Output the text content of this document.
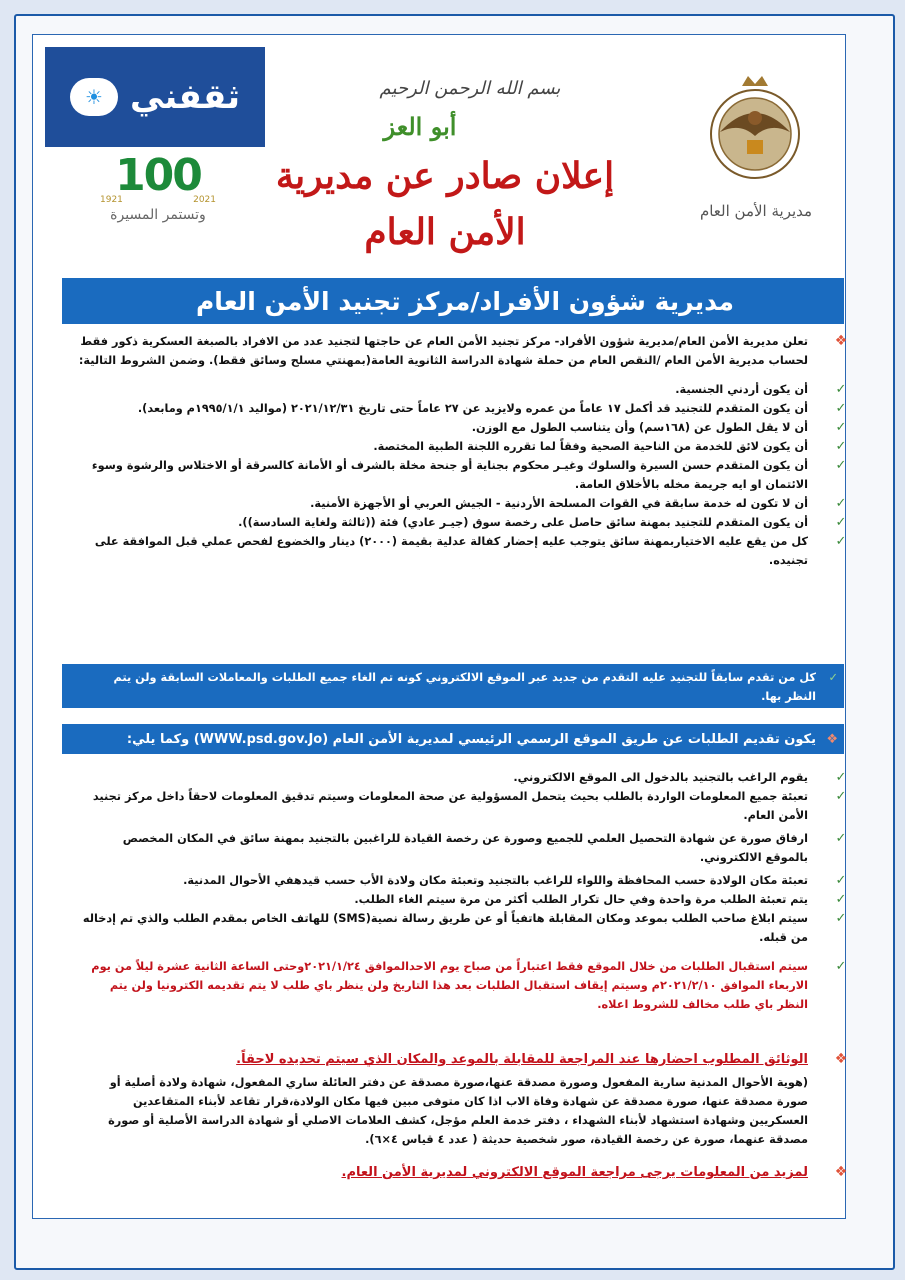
☀ ثقفني
100
1921	2021
وتستمر المسيرة	مديرية الأمن العام
بسم الله الرحمن الرحيم
أبو العز
إعلان صادر عن مديرية
الأمن العام
مديرية شؤون الأفراد/مركز تجنيد الأمن العام
❖
تعلن مديرية الأمن العام/مديرية شؤون الأفراد- مركز تجنيد الأمن العام عن حاجتها لتجنيد عدد من الافراد بالصبغة العسكرية ذكور فقط لحساب مديرية الأمن العام /النقص العام من حملة شهادة الدراسة الثانوية العامة(بمهنتي مسلح وسائق فقط). وضمن الشروط التالية:
✓
أن يكون أردني الجنسية.
✓
أن يكون المتقدم للتجنيد قد أكمل ١٧ عاماً من عمره ولايزيد عن ٢٧ عاماً حتى تاريخ ٢٠٢١/١٢/٣١ (مواليد ١٩٩٥/١/١م ومابعد).
✓
أن لا يقل الطول عن (١٦٨سم) وأن يتناسب الطول مع الوزن.
✓
أن يكون لائق للخدمة من الناحية الصحية وفقاً لما تقرره اللجنة الطبية المختصة.
✓
أن يكون المتقدم حسن السيرة والسلوك وغيـر محكوم بجناية أو جنحة مخلة بالشرف أو الأمانة كالسرقة أو الاختلاس والرشوة وسوء الائتمان او ايه جريمة مخله بالأخلاق العامة.
✓
أن لا تكون له خدمة سابقة في القوات المسلحة الأردنية - الجيش العربي أو الأجهزة الأمنية.
✓
أن يكون المتقدم للتجنيد بمهنة سائق حاصل على رخصة سوق (جيـر عادي) فئة ((ثالثة ولغاية السادسة)).
✓
كل من يقع عليه الاختياربمهنة سائق يتوجب عليه إحضار كفالة عدلية بقيمة (٢٠٠٠) دينار والخضوع لفحص عملي قبل الموافقة على تجنيده.
✓
كل من تقدم سابقاً للتجنيد عليه التقدم من جديد عبر الموقع الالكتروني كونه تم الغاء جميع الطلبات والمعاملات السابقة ولن يتم النظر بها.
❖
يكون تقديم الطلبات عن طريق الموقع الرسمي الرئيسي لمديرية الأمن العام (WWW.psd.gov.Jo) وكما يلي:
✓
يقوم الراغب بالتجنيد بالدخول الى الموقع الالكتروني.
✓
تعبئة جميع المعلومات الواردة بالطلب بحيث يتحمل المسؤولية عن صحة المعلومات وسيتم تدقيق المعلومات لاحقاً داخل مركز تجنيد الأمن العام.
✓
ارفاق صورة عن شهادة التحصيل العلمي للجميع وصورة عن رخصة القيادة للراغبين بالتجنيد بمهنة سائق في المكان المخصص بالموقع الالكتروني.
✓
تعبئة مكان الولادة حسب المحافظة واللواء للراغب بالتجنيد وتعبئة مكان ولادة الأب حسب قيدهفي الأحوال المدنية.
✓
يتم تعبئة الطلب مرة واحدة وفي حال تكرار الطلب أكثر من مرة سيتم الغاء الطلب.
✓
سيتم ابلاغ صاحب الطلب بموعد ومكان المقابلة هاتفياً أو عن طريق رسالة نصية(SMS) للهاتف الخاص بمقدم الطلب والذي تم إدخاله من قبله.
✓
سيتم استقبال الطلبات من خلال الموقع فقط اعتباراً من صباح يوم الاحدالموافق ٢٠٢١/١/٢٤وحتى الساعة الثانية عشرة ليلاً من يوم الاربعاء الموافق ٢٠٢١/٢/١٠م وسيتم إيقاف استقبال الطلبات بعد هذا التاريخ ولن ينظر باي طلب لا يتم تقديمه الكترونيا ولن يتم النظر باي طلب مخالف للشروط اعلاه.
❖
الوثائق المطلوب احضارها عند المراجعة للمقابلة بالموعد والمكان الذي سيتم تحديده لاحقاً.
(هوية الأحوال المدنية سارية المفعول وصورة مصدقة عنها،صورة مصدقة عن دفتر العائلة ساري المفعول، شهادة ولادة أصلية أو صورة مصدقة عنها، صورة مصدقة عن شهادة وفاة الاب اذا كان متوفى مبين فيها مكان الولادة،قرار تقاعد لأبناء المتقاعدين العسكريين وشهادة استشهاد لأبناء الشهداء ، دفتر خدمة العلم مؤجل، كشف العلامات الاصلي أو شهادة الدراسة الأصلية أو صورة مصدقة عنهما، صورة عن رخصة القيادة، صور شخصية حديثة ( عدد ٤ قياس ٤×٦).
❖
لمزيد من المعلومات يرجى مراجعة الموقع الالكتروني لمديرية الأمن العام.
